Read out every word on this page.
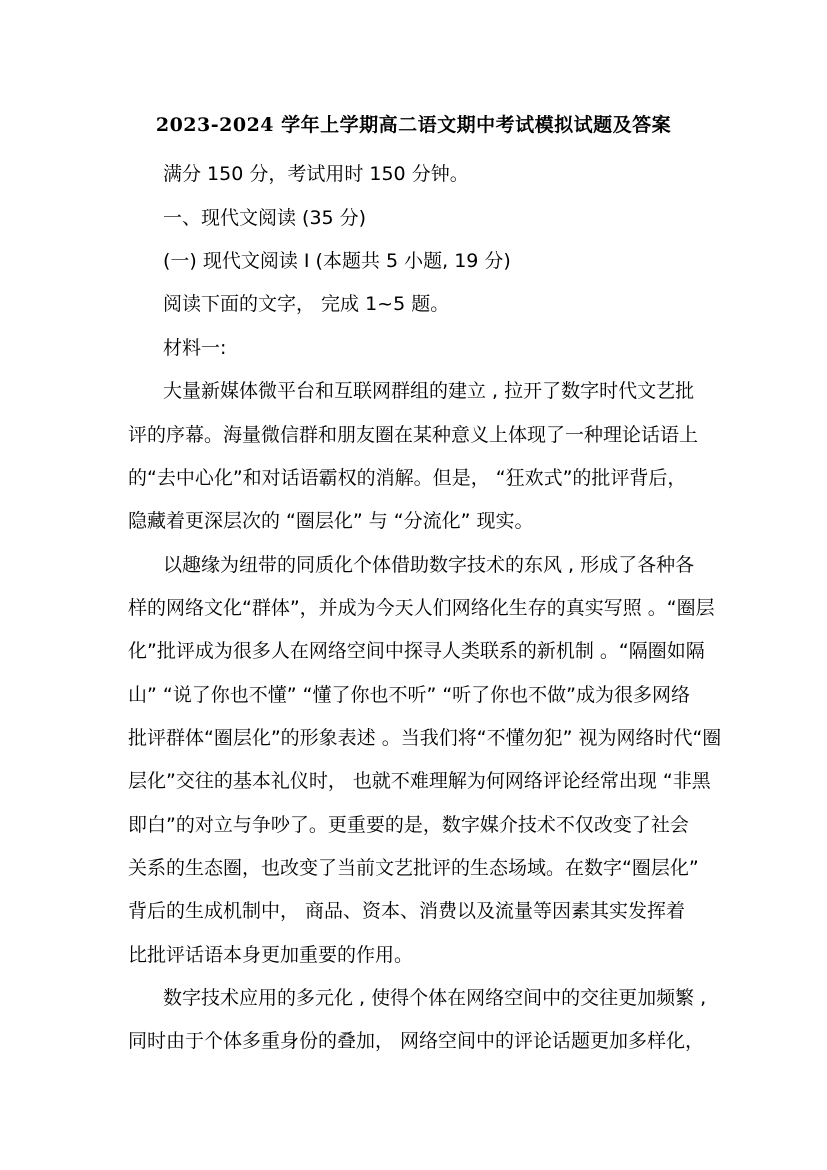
2023-2024 学年上学期高二语文期中考试模拟试题及答案
满分 150 分，考试用时 150 分钟。
一、现代文阅读 (35 分)
(一) 现代文阅读 I (本题共 5 小题, 19 分)
阅读下面的文字， 完成 1~5 题。
材料一:
大量新媒体微平台和互联网群组的建立 , 拉开了数字时代文艺批
评的序幕。海量微信群和朋友圈在某种意义上体现了一种理论话语上
的“去中心化”和对话语霸权的消解。但是， “狂欢式”的批评背后，
隐藏着更深层次的 “圈层化” 与 “分流化” 现实。
以趣缘为纽带的同质化个体借助数字技术的东风 , 形成了各种各
样的网络文化“群体”，并成为今天人们网络化生存的真实写照 。“圈层
化”批评成为很多人在网络空间中探寻人类联系的新机制 。“隔圈如隔
山” “说了你也不懂” “懂了你也不听” “听了你也不做”成为很多网络
批评群体“圈层化”的形象表述 。当我们将“不懂勿犯” 视为网络时代“圈
层化”交往的基本礼仪时， 也就不难理解为何网络评论经常出现 “非黑
即白”的对立与争吵了。更重要的是，数字媒介技术不仅改变了社会
关系的生态圈，也改变了当前文艺批评的生态场域。在数字“圈层化”
背后的生成机制中， 商品、资本、消费以及流量等因素其实发挥着
比批评话语本身更加重要的作用。
数字技术应用的多元化 , 使得个体在网络空间中的交往更加频繁 ,
同时由于个体多重身份的叠加， 网络空间中的评论话题更加多样化，
